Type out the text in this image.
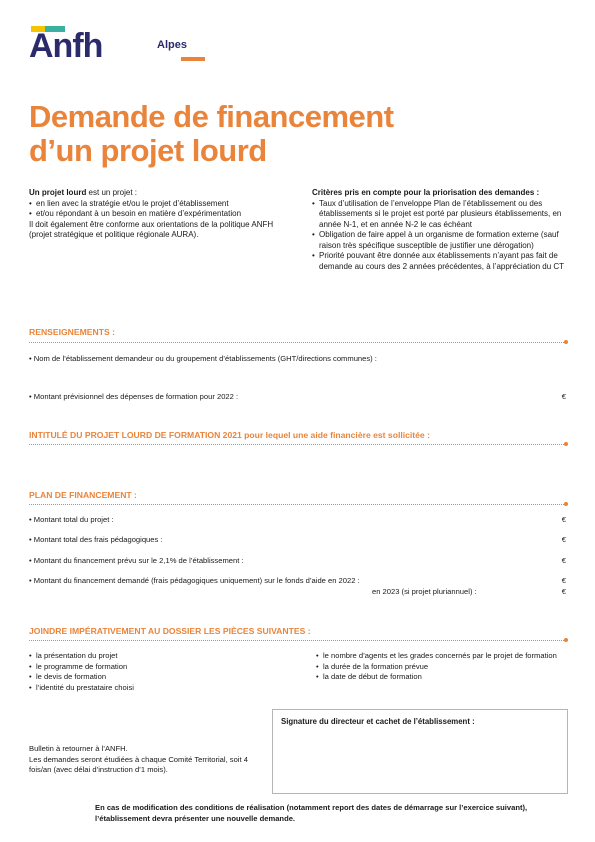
Anfh	Alpes
Demande de financement
d’un projet lourd
Un projet lourd est un projet :
• en lien avec la stratégie et/ou le projet d’établissement
• et/ou répondant à un besoin en matière d’expérimentation
Il doit également être conforme aux orientations de la politique ANFH (projet stratégique et politique régionale AURA).
Critères pris en compte pour la priorisation des demandes :
• Taux d’utilisation de l’enveloppe Plan de l’établissement ou des établissements si le projet est porté par plusieurs établissements, en année N-1, et en année N-2 le cas échéant
• Obligation de faire appel à un organisme de formation externe (sauf raison très spécifique susceptible de justifier une dérogation)
• Priorité pouvant être donnée aux établissements n’ayant pas fait de demande au cours des 2 années précédentes, à l’appréciation du CT
RENSEIGNEMENTS :
• Nom de l’établissement demandeur ou du groupement d’établissements (GHT/directions communes) :
• Montant prévisionnel des dépenses de formation pour 2022 :	€
INTITULÉ DU PROJET LOURD DE FORMATION 2021 pour lequel une aide financière est sollicitée :
PLAN DE FINANCEMENT :
• Montant total du projet :	€
• Montant total des frais pédagogiques :	€
• Montant du financement prévu sur le 2,1% de l’établissement :	€
• Montant du financement demandé (frais pédagogiques uniquement) sur le fonds d’aide en 2022 :	€
en 2023 (si projet pluriannuel) :	€
JOINDRE IMPÉRATIVEMENT AU DOSSIER LES PIÈCES SUIVANTES :
• la présentation du projet
• le programme de formation
• le devis de formation
• l’identité du prestataire choisi
• le nombre d’agents et les grades concernés par le projet de formation
• la durée de la formation prévue
• la date de début de formation
Signature du directeur et cachet de l’établissement :
Bulletin à retourner à l’ANFH.
Les demandes seront étudiées à chaque Comité Territorial, soit 4 fois/an (avec délai d’instruction d’1 mois).
En cas de modification des conditions de réalisation (notamment report des dates de démarrage sur l’exercice suivant), l’établissement devra présenter une nouvelle demande.
